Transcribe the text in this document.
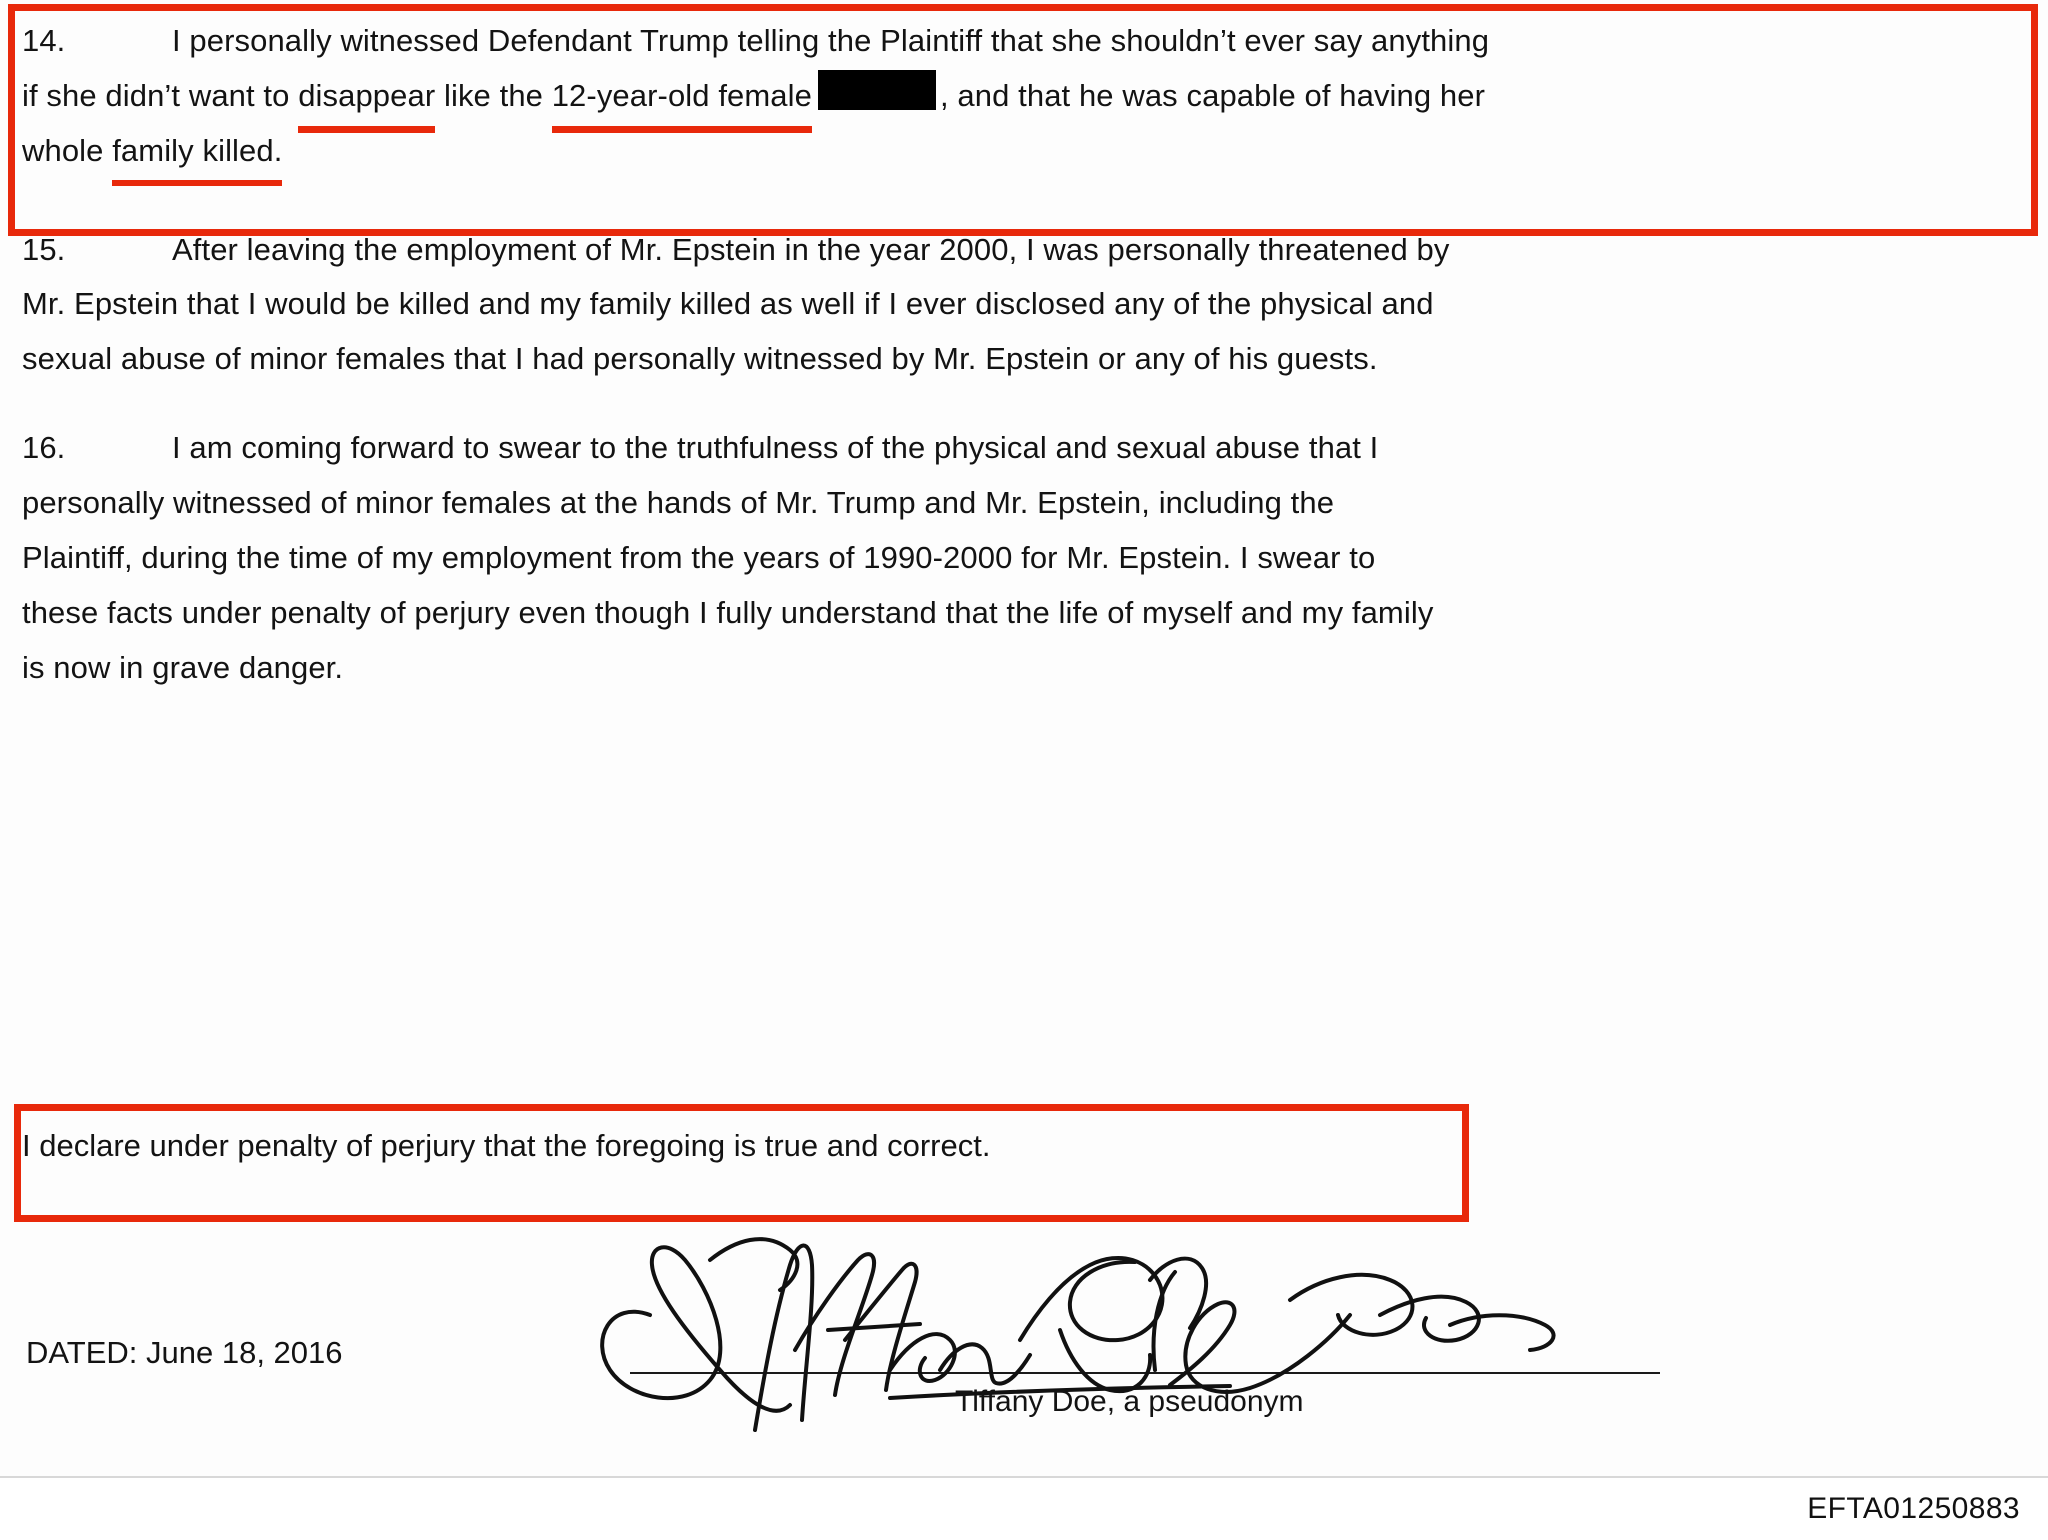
14.	I personally witnessed Defendant Trump telling the Plaintiff that she shouldn’t ever say anything
if she didn’t want to disappear like the 12-year-old female	, and that he was capable of having her
whole family killed.
15.	After leaving the employment of Mr. Epstein in the year 2000, I was personally threatened by
Mr. Epstein that I would be killed and my family killed as well if I ever disclosed any of the physical and
sexual abuse of minor females that I had personally witnessed by Mr. Epstein or any of his guests.
16.	I am coming forward to swear to the truthfulness of the physical and sexual abuse that I
personally witnessed of minor females at the hands of Mr. Trump and Mr. Epstein, including the
Plaintiff, during the time of my employment from the years of 1990-2000 for Mr. Epstein. I swear to
these facts under penalty of perjury even though I fully understand that the life of myself and my family
is now in grave danger.
I declare under penalty of perjury that the foregoing is true and correct.
DATED: June 18, 2016
Tiffany Doe, a pseudonym
EFTA01250883
